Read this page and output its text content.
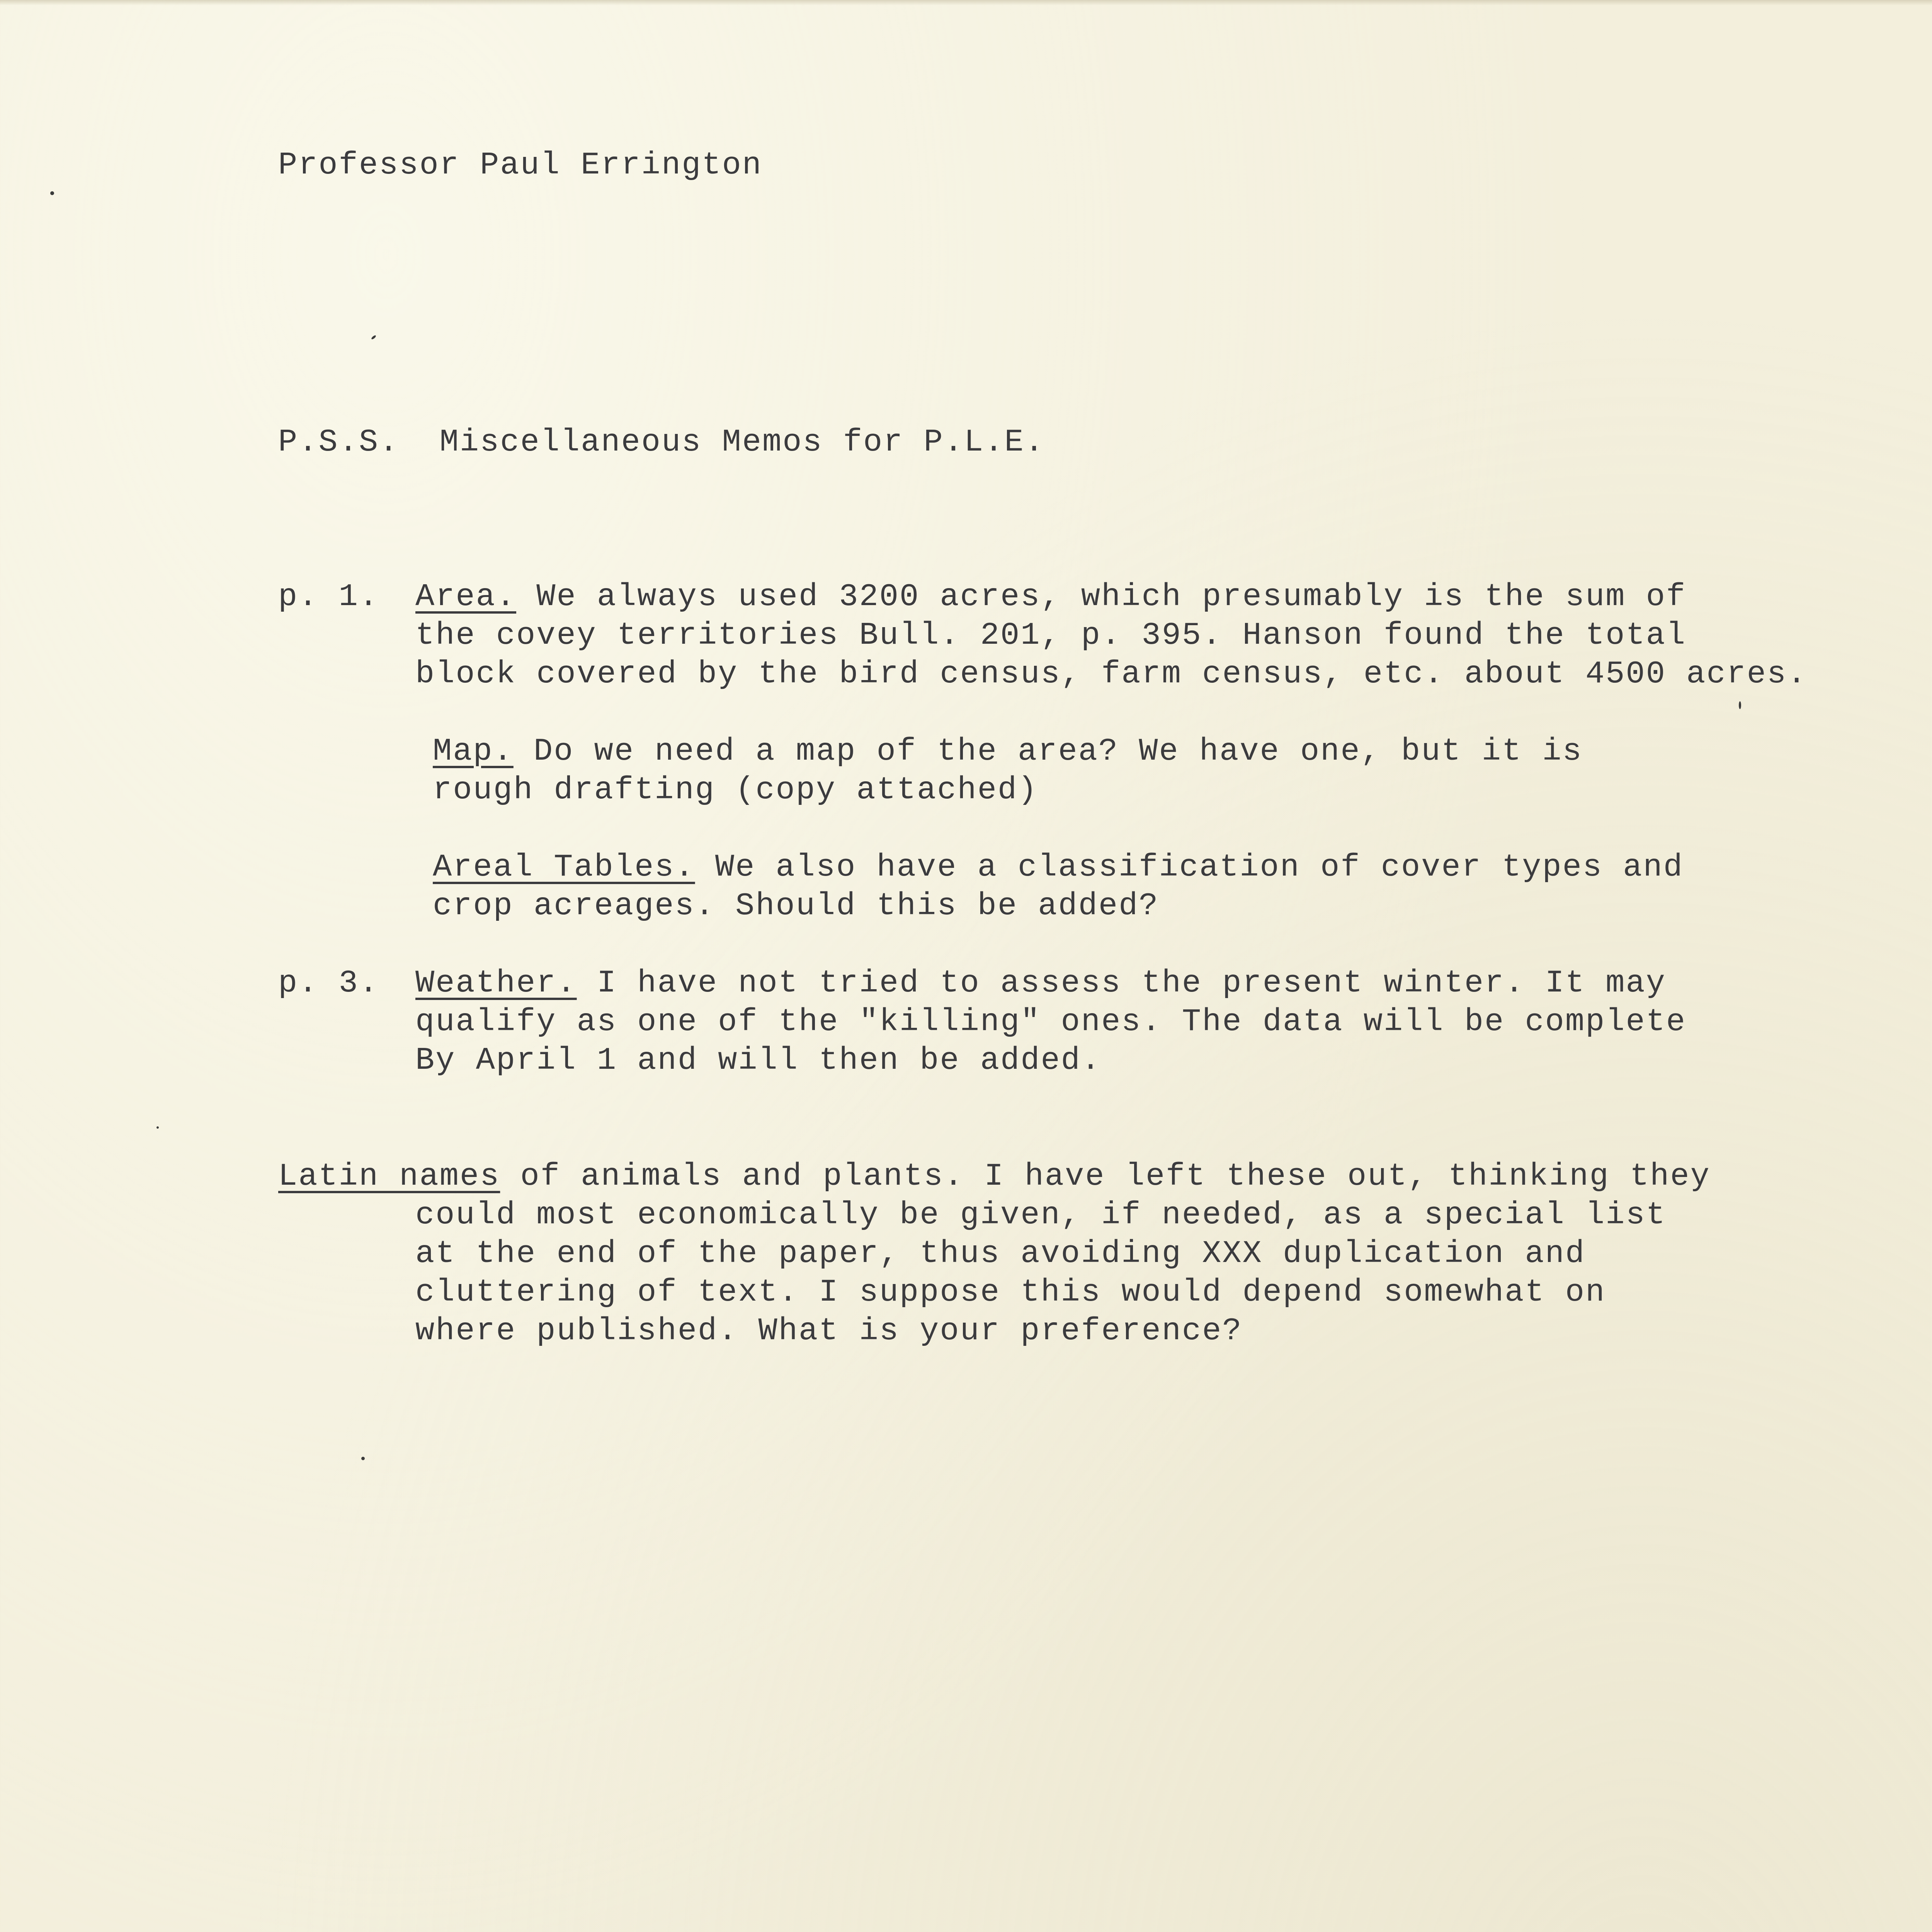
Professor Paul Errington
P.S.S.  Miscellaneous Memos for P.L.E.
p. 1. Area. We always used 3200 acres, which presumably is the sum of
the covey territories Bull. 201, p. 395. Hanson found the total
block covered by the bird census, farm census, etc. about 4500 acres.
Map. Do we need a map of the area? We have one, but it is
rough drafting (copy attached)
Areal Tables. We also have a classification of cover types and
crop acreages. Should this be added?
p. 3. Weather. I have not tried to assess the present winter. It may
qualify as one of the "killing" ones. The data will be complete
By April 1 and will then be added.
Latin names of animals and plants. I have left these out, thinking they
could most economically be given, if needed, as a special list
at the end of the paper, thus avoiding XXX duplication and
cluttering of text. I suppose this would depend somewhat on
where published. What is your preference?
